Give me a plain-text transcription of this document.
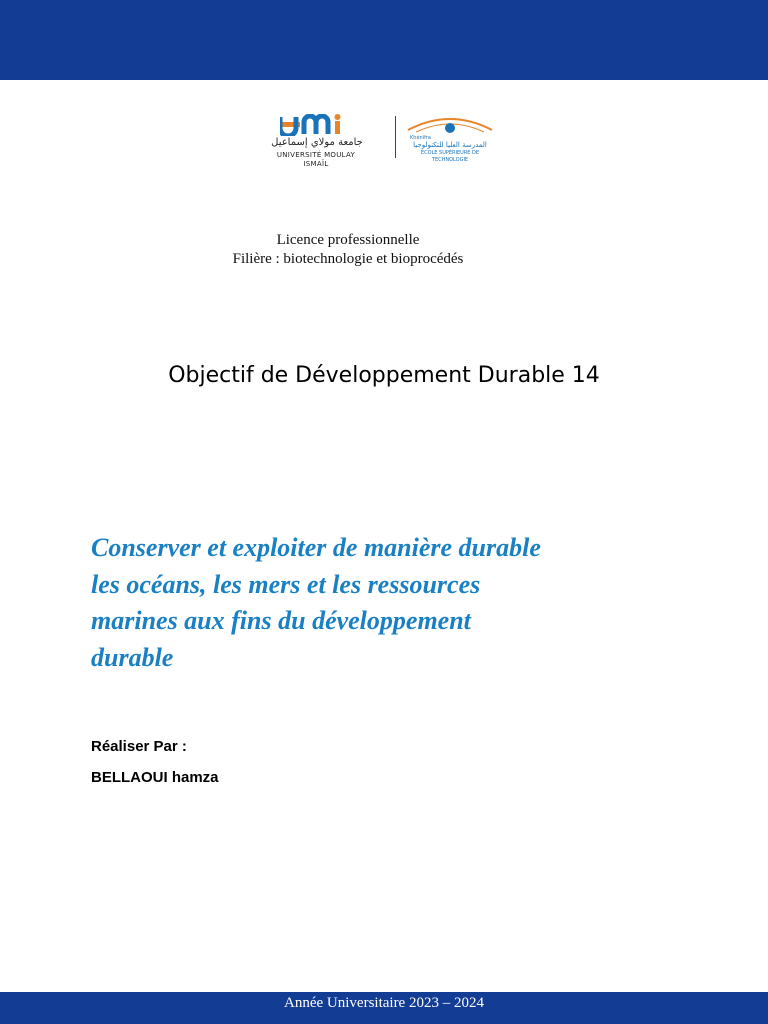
جامعة مولاي إسماعيل
UNIVERSITÉ MOULAY ISMAÏL
Khénifra
المدرسة العليا للتكنولوجيا
ÉCOLE SUPÉRIEURE DE TECHNOLOGIE
Licence professionnelle
Filière : biotechnologie et bioprocédés
Objectif de Développement Durable 14
Conserver et exploiter de manière durable
les océans, les mers et les ressources
marines aux fins du développement
durable
Réaliser Par :
BELLAOUI hamza
Année Universitaire 2023 – 2024
